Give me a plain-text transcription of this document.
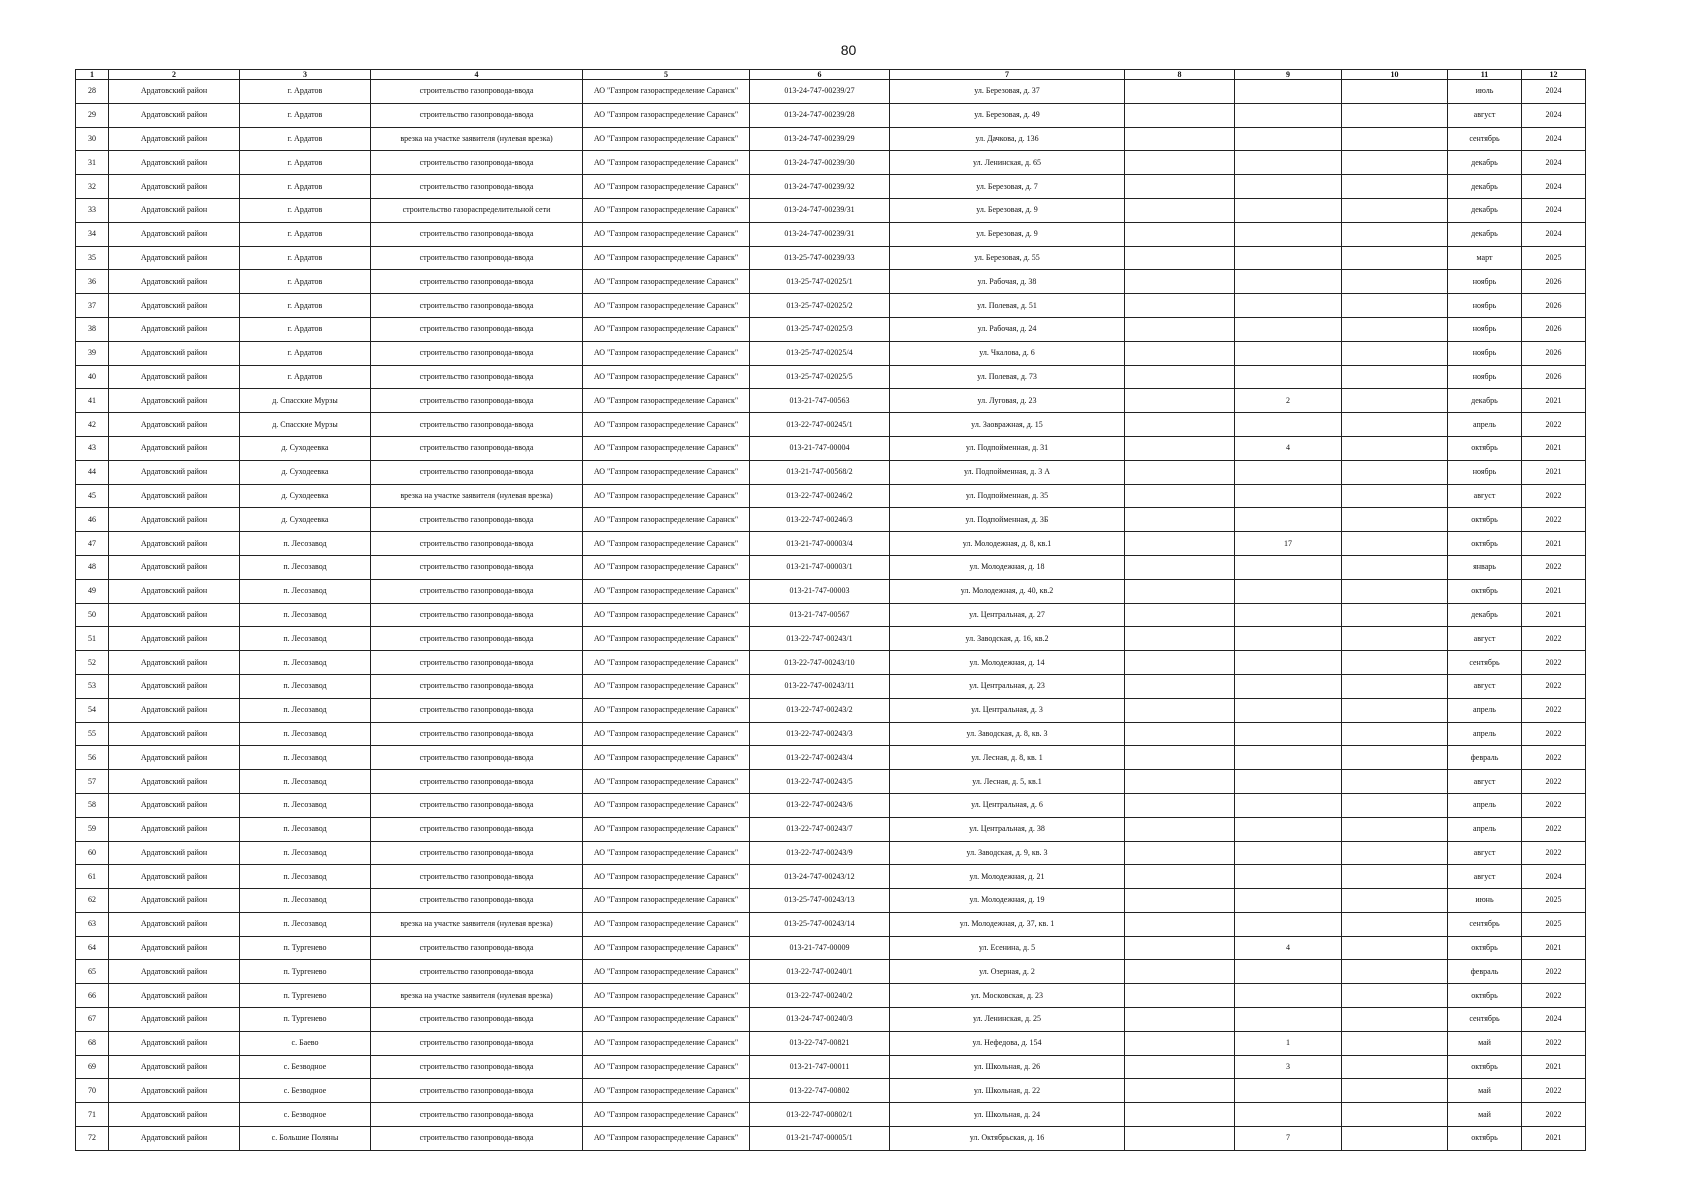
80
1	2	3	4	5	6	7	8	9	10	11	12
28	Ардатовский район	г. Ардатов	строительство газопровода-ввода	АО "Газпром газораспределение Саранск"	013-24-747-00239/27	ул. Березовая, д. 37				июль	2024
29	Ардатовский район	г. Ардатов	строительство газопровода-ввода	АО "Газпром газораспределение Саранск"	013-24-747-00239/28	ул. Березовая, д. 49				август	2024
30	Ардатовский район	г. Ардатов	врезка на участке заявителя (нулевая врезка)	АО "Газпром газораспределение Саранск"	013-24-747-00239/29	ул. Дачкова, д. 136				сентябрь	2024
31	Ардатовский район	г. Ардатов	строительство газопровода-ввода	АО "Газпром газораспределение Саранск"	013-24-747-00239/30	ул. Ленинская, д. 65				декабрь	2024
32	Ардатовский район	г. Ардатов	строительство газопровода-ввода	АО "Газпром газораспределение Саранск"	013-24-747-00239/32	ул. Березовая, д. 7				декабрь	2024
33	Ардатовский район	г. Ардатов	строительство газораспределительной сети	АО "Газпром газораспределение Саранск"	013-24-747-00239/31	ул. Березовая, д. 9				декабрь	2024
34	Ардатовский район	г. Ардатов	строительство газопровода-ввода	АО "Газпром газораспределение Саранск"	013-24-747-00239/31	ул. Березовая, д. 9				декабрь	2024
35	Ардатовский район	г. Ардатов	строительство газопровода-ввода	АО "Газпром газораспределение Саранск"	013-25-747-00239/33	ул. Березовая, д. 55				март	2025
36	Ардатовский район	г. Ардатов	строительство газопровода-ввода	АО "Газпром газораспределение Саранск"	013-25-747-02025/1	ул. Рабочая, д. 38				ноябрь	2026
37	Ардатовский район	г. Ардатов	строительство газопровода-ввода	АО "Газпром газораспределение Саранск"	013-25-747-02025/2	ул. Полевая, д. 51				ноябрь	2026
38	Ардатовский район	г. Ардатов	строительство газопровода-ввода	АО "Газпром газораспределение Саранск"	013-25-747-02025/3	ул. Рабочая, д. 24				ноябрь	2026
39	Ардатовский район	г. Ардатов	строительство газопровода-ввода	АО "Газпром газораспределение Саранск"	013-25-747-02025/4	ул. Чкалова, д. 6				ноябрь	2026
40	Ардатовский район	г. Ардатов	строительство газопровода-ввода	АО "Газпром газораспределение Саранск"	013-25-747-02025/5	ул. Полевая, д. 73				ноябрь	2026
41	Ардатовский район	д. Спасские Мурзы	строительство газопровода-ввода	АО "Газпром газораспределение Саранск"	013-21-747-00563	ул. Луговая, д. 23		2		декабрь	2021
42	Ардатовский район	д. Спасские Мурзы	строительство газопровода-ввода	АО "Газпром газораспределение Саранск"	013-22-747-00245/1	ул. Заовражная, д. 15				апрель	2022
43	Ардатовский район	д. Суходеевка	строительство газопровода-ввода	АО "Газпром газораспределение Саранск"	013-21-747-00004	ул. Подпойменная, д. 31		4		октябрь	2021
44	Ардатовский район	д. Суходеевка	строительство газопровода-ввода	АО "Газпром газораспределение Саранск"	013-21-747-00568/2	ул. Подпойменная, д. 3 А				ноябрь	2021
45	Ардатовский район	д. Суходеевка	врезка на участке заявителя (нулевая врезка)	АО "Газпром газораспределение Саранск"	013-22-747-00246/2	ул. Подпойменная, д. 35				август	2022
46	Ардатовский район	д. Суходеевка	строительство газопровода-ввода	АО "Газпром газораспределение Саранск"	013-22-747-00246/3	ул. Подпойменная, д. 3Б				октябрь	2022
47	Ардатовский район	п. Лесозавод	строительство газопровода-ввода	АО "Газпром газораспределение Саранск"	013-21-747-00003/4	ул. Молодежная, д. 8, кв.1		17		октябрь	2021
48	Ардатовский район	п. Лесозавод	строительство газопровода-ввода	АО "Газпром газораспределение Саранск"	013-21-747-00003/1	ул. Молодежная, д. 18				январь	2022
49	Ардатовский район	п. Лесозавод	строительство газопровода-ввода	АО "Газпром газораспределение Саранск"	013-21-747-00003	ул. Молодежная, д. 40, кв.2				октябрь	2021
50	Ардатовский район	п. Лесозавод	строительство газопровода-ввода	АО "Газпром газораспределение Саранск"	013-21-747-00567	ул. Центральная, д. 27				декабрь	2021
51	Ардатовский район	п. Лесозавод	строительство газопровода-ввода	АО "Газпром газораспределение Саранск"	013-22-747-00243/1	ул. Заводская, д. 16, кв.2				август	2022
52	Ардатовский район	п. Лесозавод	строительство газопровода-ввода	АО "Газпром газораспределение Саранск"	013-22-747-00243/10	ул. Молодежная, д. 14				сентябрь	2022
53	Ардатовский район	п. Лесозавод	строительство газопровода-ввода	АО "Газпром газораспределение Саранск"	013-22-747-00243/11	ул. Центральная, д. 23				август	2022
54	Ардатовский район	п. Лесозавод	строительство газопровода-ввода	АО "Газпром газораспределение Саранск"	013-22-747-00243/2	ул. Центральная, д. 3				апрель	2022
55	Ардатовский район	п. Лесозавод	строительство газопровода-ввода	АО "Газпром газораспределение Саранск"	013-22-747-00243/3	ул. Заводская, д. 8, кв. 3				апрель	2022
56	Ардатовский район	п. Лесозавод	строительство газопровода-ввода	АО "Газпром газораспределение Саранск"	013-22-747-00243/4	ул. Лесная, д. 8, кв. 1				февраль	2022
57	Ардатовский район	п. Лесозавод	строительство газопровода-ввода	АО "Газпром газораспределение Саранск"	013-22-747-00243/5	ул. Лесная, д. 5, кв.1				август	2022
58	Ардатовский район	п. Лесозавод	строительство газопровода-ввода	АО "Газпром газораспределение Саранск"	013-22-747-00243/6	ул. Центральная, д. 6				апрель	2022
59	Ардатовский район	п. Лесозавод	строительство газопровода-ввода	АО "Газпром газораспределение Саранск"	013-22-747-00243/7	ул. Центральная, д. 38				апрель	2022
60	Ардатовский район	п. Лесозавод	строительство газопровода-ввода	АО "Газпром газораспределение Саранск"	013-22-747-00243/9	ул. Заводская, д. 9, кв. 3				август	2022
61	Ардатовский район	п. Лесозавод	строительство газопровода-ввода	АО "Газпром газораспределение Саранск"	013-24-747-00243/12	ул. Молодежная, д. 21				август	2024
62	Ардатовский район	п. Лесозавод	строительство газопровода-ввода	АО "Газпром газораспределение Саранск"	013-25-747-00243/13	ул. Молодежная, д. 19				июнь	2025
63	Ардатовский район	п. Лесозавод	врезка на участке заявителя (нулевая врезка)	АО "Газпром газораспределение Саранск"	013-25-747-00243/14	ул. Молодежная, д. 37, кв. 1				сентябрь	2025
64	Ардатовский район	п. Тургенево	строительство газопровода-ввода	АО "Газпром газораспределение Саранск"	013-21-747-00009	ул. Есенина, д. 5		4		октябрь	2021
65	Ардатовский район	п. Тургенево	строительство газопровода-ввода	АО "Газпром газораспределение Саранск"	013-22-747-00240/1	ул. Озерная, д. 2				февраль	2022
66	Ардатовский район	п. Тургенево	врезка на участке заявителя (нулевая врезка)	АО "Газпром газораспределение Саранск"	013-22-747-00240/2	ул. Московская, д. 23				октябрь	2022
67	Ардатовский район	п. Тургенево	строительство газопровода-ввода	АО "Газпром газораспределение Саранск"	013-24-747-00240/3	ул. Ленинская, д. 25				сентябрь	2024
68	Ардатовский район	с. Баево	строительство газопровода-ввода	АО "Газпром газораспределение Саранск"	013-22-747-00821	ул. Нефедова, д. 154		1		май	2022
69	Ардатовский район	с. Безводное	строительство газопровода-ввода	АО "Газпром газораспределение Саранск"	013-21-747-00011	ул. Школьная, д. 26		3		октябрь	2021
70	Ардатовский район	с. Безводное	строительство газопровода-ввода	АО "Газпром газораспределение Саранск"	013-22-747-00802	ул. Школьная, д. 22				май	2022
71	Ардатовский район	с. Безводное	строительство газопровода-ввода	АО "Газпром газораспределение Саранск"	013-22-747-00802/1	ул. Школьная, д. 24				май	2022
72	Ардатовский район	с. Большие Поляны	строительство газопровода-ввода	АО "Газпром газораспределение Саранск"	013-21-747-00005/1	ул. Октябрьская, д. 16		7		октябрь	2021
